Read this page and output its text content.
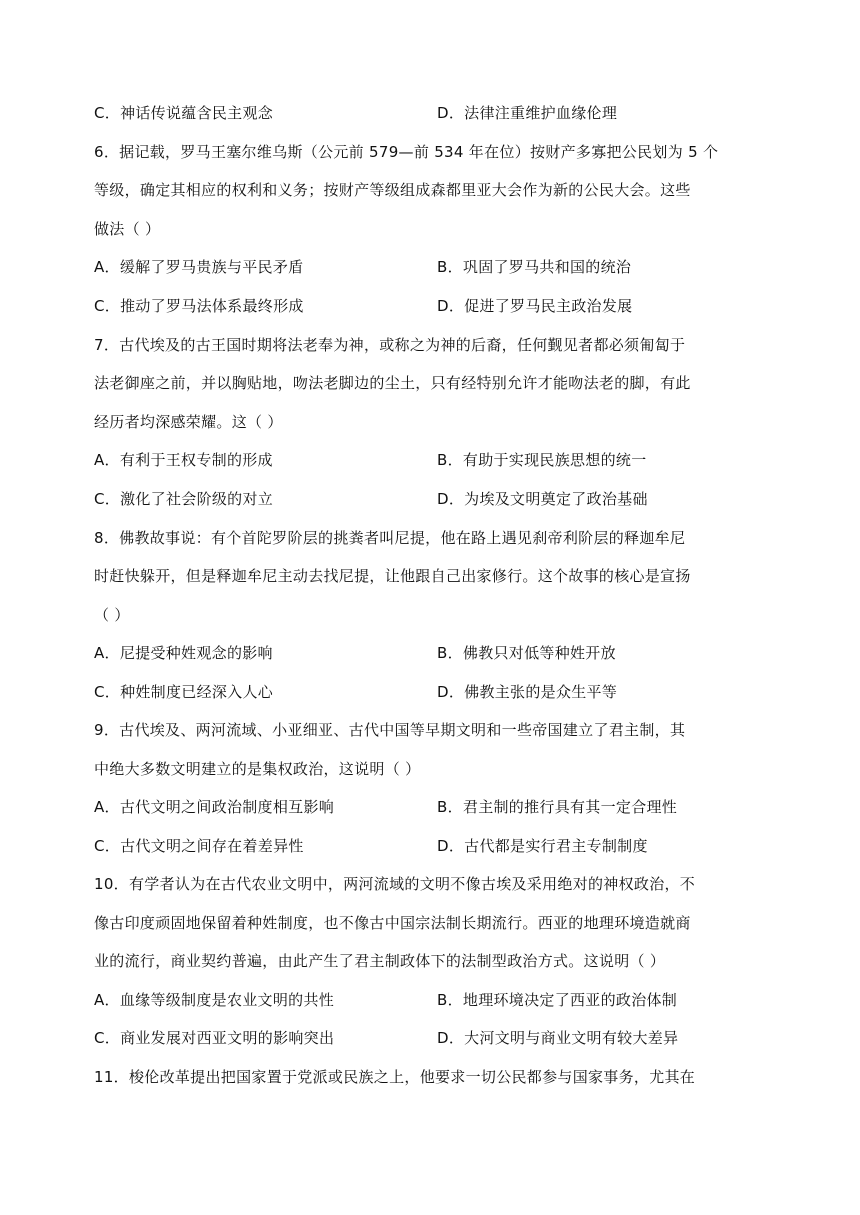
C．神话传说蕴含民主观念	D．法律注重维护血缘伦理
6．据记载，罗马王塞尔维乌斯（公元前 579—前 534 年在位）按财产多寡把公民划为 5 个
等级，确定其相应的权利和义务；按财产等级组成森都里亚大会作为新的公民大会。这些
做法（ ）
A．缓解了罗马贵族与平民矛盾	B．巩固了罗马共和国的统治
C．推动了罗马法体系最终形成	D．促进了罗马民主政治发展
7．古代埃及的古王国时期将法老奉为神，或称之为神的后裔，任何觐见者都必须匍匐于
法老御座之前，并以胸贴地，吻法老脚边的尘土，只有经特别允许才能吻法老的脚，有此
经历者均深感荣耀。这（ ）
A．有利于王权专制的形成	B．有助于实现民族思想的统一
C．激化了社会阶级的对立	D．为埃及文明奠定了政治基础
8．佛教故事说：有个首陀罗阶层的挑粪者叫尼提，他在路上遇见刹帝利阶层的释迦牟尼
时赶快躲开，但是释迦牟尼主动去找尼提，让他跟自己出家修行。这个故事的核心是宣扬
（ ）
A．尼提受种姓观念的影响	B．佛教只对低等种姓开放
C．种姓制度已经深入人心	D．佛教主张的是众生平等
9．古代埃及、两河流域、小亚细亚、古代中国等早期文明和一些帝国建立了君主制，其
中绝大多数文明建立的是集权政治，这说明（ ）
A．古代文明之间政治制度相互影响	B．君主制的推行具有其一定合理性
C．古代文明之间存在着差异性	D．古代都是实行君主专制制度
10．有学者认为在古代农业文明中，两河流域的文明不像古埃及采用绝对的神权政治，不
像古印度顽固地保留着种姓制度，也不像古中国宗法制长期流行。西亚的地理环境造就商
业的流行，商业契约普遍，由此产生了君主制政体下的法制型政治方式。这说明（ ）
A．血缘等级制度是农业文明的共性	B．地理环境决定了西亚的政治体制
C．商业发展对西亚文明的影响突出	D．大河文明与商业文明有较大差异
11．梭伦改革提出把国家置于党派或民族之上，他要求一切公民都参与国家事务，尤其在
